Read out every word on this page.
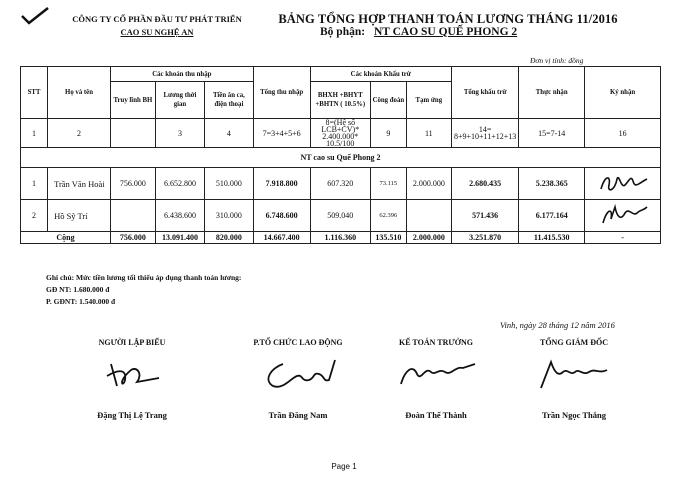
CÔNG TY CỔ PHẦN ĐẦU TƯ PHÁT TRIỂN
CAO SU NGHỆ AN
BẢNG TỔNG HỢP THANH TOÁN LƯƠNG THÁNG 11/2016
Bộ phận: NT CAO SU QUẾ PHONG 2
Đơn vị tính: đồng
STT	Họ và tên	Các khoản thu nhập			Tổng thu nhập	Các khoản Khấu trừ			Tổng khấu trừ	Thực nhận	Ký nhận
		Truy lĩnh BH	Lương thời gian	Tiền ăn ca, điện thoại		BHXH +BHYT +BHTN ( 10.5%)	Công đoàn	Tạm ứng			
1	2		3	4	7=3+4+5+6	8=(Hệ số LCB+CV)* 2.400.000* 10.5/100	9	11	14= 8+9+10+11+12+13	15=7-14	16
NT cao su Quế Phong 2											
1	Trần Văn Hoài	756.000	6.652.800	510.000	7.918.800	607.320	73.115	2.000.000	2.680.435	5.238.365	

2	Hồ Sỹ Trí		6.438.600	310.000	6.748.600	509.040	62.396		571.436	6.177.164	

Cộng		756.000	13.091.400	820.000	14.667.400	1.116.360	135.510	2.000.000	3.251.870	11.415.530	-
Ghi chú: Mức tiền lương tối thiểu áp dụng thanh toán lương:
GĐ NT: 1.680.000 đ
P. GĐNT: 1.540.000 đ
Vinh, ngày 28 tháng 12 năm 2016
NGƯỜI LẬP BIỂU
Đặng Thị Lệ Trang
P.TỔ CHỨC LAO ĐỘNG
Trần Đăng Nam
KẾ TOÁN TRƯỞNG
Đoàn Thế Thành
TỔNG GIÁM ĐỐC
Trần Ngọc Thắng
Page 1
